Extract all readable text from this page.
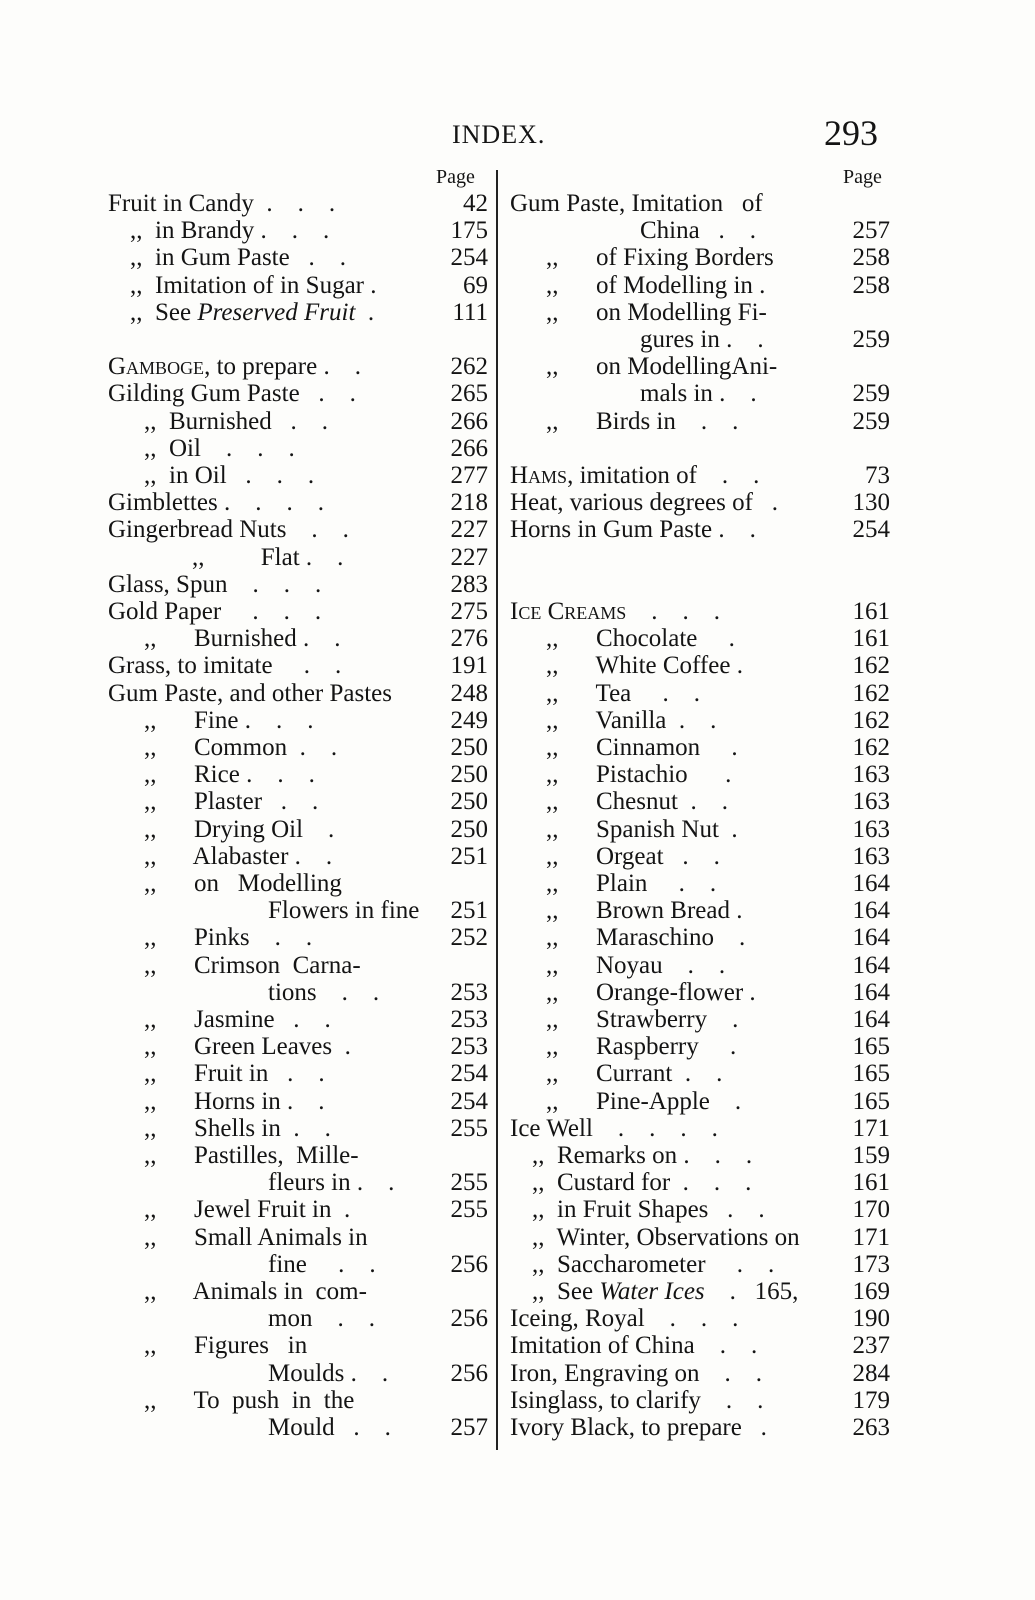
INDEX.	293
Page	Page
Fruit in Candy  .    .    .	42
,,  in Brandy .    .    .	175
,,  in Gum Paste   .    .	254
,,  Imitation of in Sugar .	69
,,  See Preserved Fruit  .	111
Gamboge, to prepare .    .	262
Gilding Gum Paste   .    .	265
,,  Burnished   .    .	266
,,  Oil    .    .    .	266
,,  in Oil   .    .    .	277
Gimblettes .    .    .    .	218
Gingerbread Nuts    .    .	227
,,         Flat .    .	227
Glass, Spun    .    .    .	283
Gold Paper     .    .    .	275
,,      Burnished .    .	276
Grass, to imitate     .    .	191
Gum Paste, and other Pastes	248
,,      Fine .    .    .	249
,,      Common  .    .	250
,,      Rice .    .    .	250
,,      Plaster   .    .	250
,,      Drying Oil    .	250
,,      Alabaster .    .	251
,,      on   Modelling
Flowers in fine	251
,,      Pinks    .    .	252
,,      Crimson  Carna-
tions    .    .	253
,,      Jasmine   .    .	253
,,      Green Leaves  .	253
,,      Fruit in   .    .	254
,,      Horns in .    .	254
,,      Shells in  .    .	255
,,      Pastilles,  Mille-
fleurs in .    .	255
,,      Jewel Fruit in  .	255
,,      Small Animals in
fine     .    .	256
,,      Animals in  com-
mon    .    .	256
,,      Figures   in
Moulds .    .	256
,,      To  push  in  the
Mould   .    .	257
Gum Paste, Imitation   of
China   .    .	257
,,      of Fixing Borders	258
,,      of Modelling in .	258
,,      on Modelling Fi-
gures in .    .	259
,,      on ModellingAni-
mals in .    .	259
,,      Birds in    .    .	259
Hams, imitation of    .    .	73
Heat, various degrees of   .	130
Horns in Gum Paste .    .	254
Ice Creams    .    .    .	161
,,      Chocolate     .	161
,,      White Coffee .	162
,,      Tea     .    .	162
,,      Vanilla  .    .	162
,,      Cinnamon     .	162
,,      Pistachio      .	163
,,      Chesnut  .    .	163
,,      Spanish Nut  .	163
,,      Orgeat   .    .	163
,,      Plain     .    .	164
,,      Brown Bread .	164
,,      Maraschino    .	164
,,      Noyau    .    .	164
,,      Orange-flower .	164
,,      Strawberry    .	164
,,      Raspberry     .	165
,,      Currant  .    .	165
,,      Pine-Apple    .	165
Ice Well    .    .    .    .	171
,,  Remarks on .    .    .	159
,,  Custard for  .    .    .	161
,,  in Fruit Shapes   .    .	170
,,  Winter, Observations on	171
,,  Saccharometer     .    .	173
,,  See Water Ices    .   165,	169
Iceing, Royal    .    .    .	190
Imitation of China    .    .	237
Iron, Engraving on    .    .	284
Isinglass, to clarify    .    .	179
Ivory Black, to prepare   .	263
